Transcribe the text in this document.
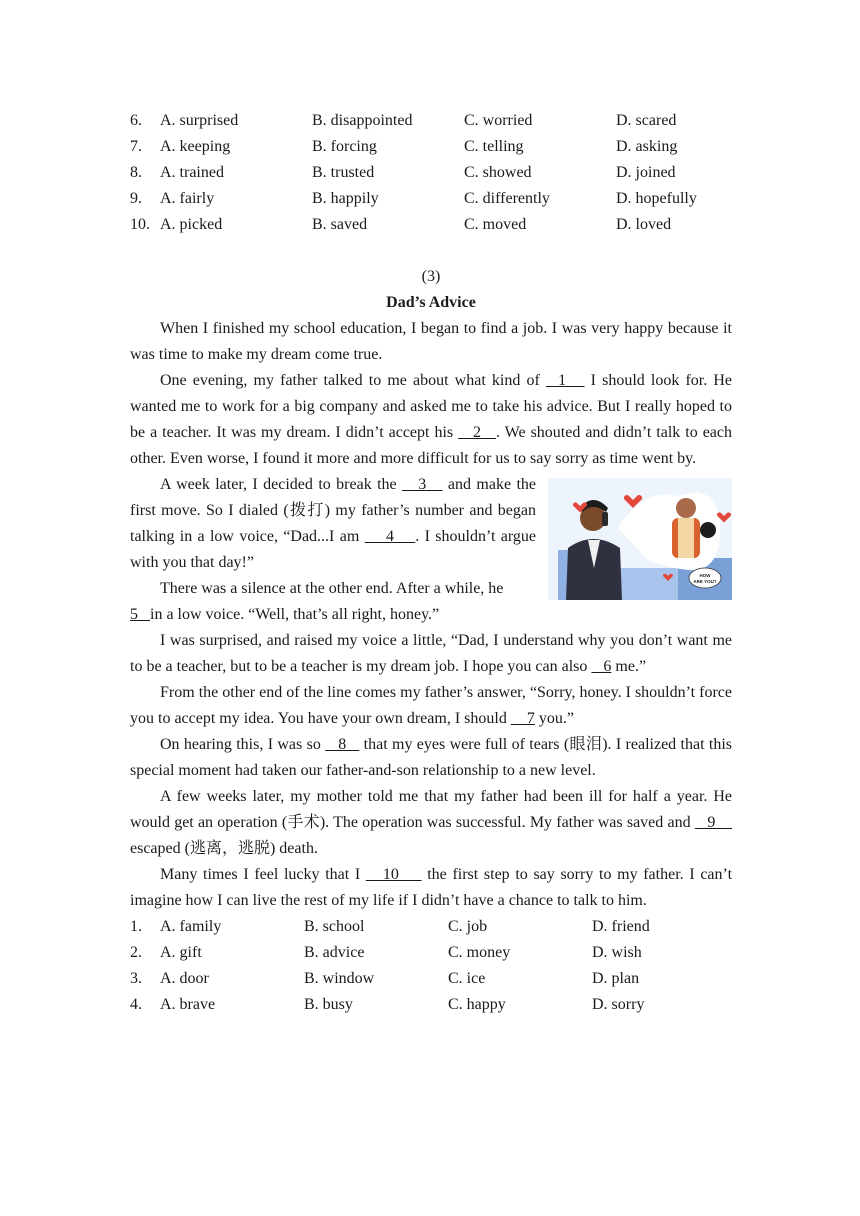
6. A. surprised	B. disappointed	C. worried	D. scared
7. A. keeping	B. forcing	C. telling	D. asking
8. A. trained	B. trusted	C. showed	D. joined
9. A. fairly	B. happily	C. differently	D. hopefully
10. A. picked	B. saved	C. moved	D. loved
(3)
Dad’s Advice

When I finished my school education, I began to find a job. I was very happy because it was time to make my dream come true.

One evening, my father talked to me about what kind of   1    I should look for. He wanted me to work for a big company and asked me to take his advice. But I really hoped to be a teacher. It was my dream. I didn’t accept his    2   . We shouted and didn’t talk to each other. Even worse, I found it more and more difficult for us to say sorry as time went by.

HOW
ARE YOU?

A week later, I decided to break the    3    and make the first move. So I dialed (拨打) my father’s number and began talking in a low voice, “Dad...I am     4    . I shouldn’t argue with you that day!”

There was a silence at the other end. After a while, he

5   in a low voice. “Well, that’s all right, honey.”

I was surprised, and raised my voice a little, “Dad, I understand why you don’t want me to be a teacher, but to be a teacher is my dream job. I hope you can also    6 me.”

From the other end of the line comes my father’s answer, “Sorry, honey. I shouldn’t force you to accept my idea. You have your own dream, I should     7 you.”

On hearing this, I was so    8    that my eyes were full of tears (眼泪). I realized that this special moment had taken our father-and-son relationship to a new level.

A few weeks later, my mother told me that my father had been ill for half a year. He would get an operation (手术). The operation was successful. My father was saved and    9     escaped (逃离，逃脱) death.

Many times I feel lucky that I    10     the first step to say sorry to my father. I can’t imagine how I can live the rest of my life if I didn’t have a chance to talk to him.

1. A. family	B. school	C. job	D. friend
2. A. gift	B. advice	C. money	D. wish
3. A. door	B. window	C. ice	D. plan
4. A. brave	B. busy	C. happy	D. sorry
